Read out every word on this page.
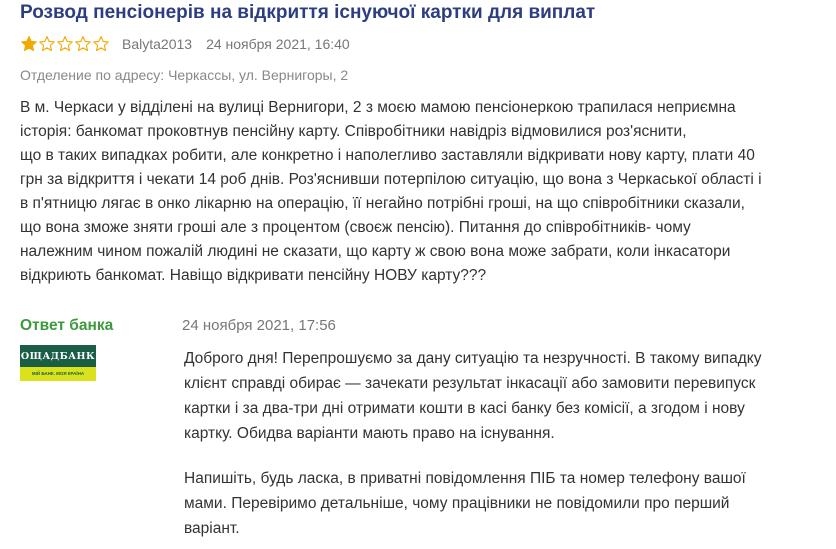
Розвод пенсіонерів на відкриття існуючої картки для виплат
Balyta2013 24 ноября 2021, 16:40
Отделение по адресу: Черкассы, ул. Вернигоры, 2
В м. Черкаси у відділені на вулиці Вернигори, 2 з моєю мамою пенсіонеркою трапилася неприємна
історія: банкомат проковтнув пенсійну карту. Співробітники навідріз відмовилися роз'яснити,
що в таких випадках робити, але конкретно і наполегливо заставляли відкривати нову карту, плати 40
грн за відкриття і чекати 14 роб днів. Роз'яснивши потерпілою ситуацію, що вона з Черкаської області і
в п'ятницю лягає в онко лікарню на операцію, її негайно потрібні гроші, на що співробітники сказали,
що вона зможе зняти гроші але з процентом (своєж пенсію). Питання до співробітників- чому
належним чином пожалій людині не сказати, що карту ж свою вона може забрати, коли інкасатори
відкриють банкомат. Навіщо відкривати пенсійну НОВУ карту???
Ответ банка
ОЩАДБАНК
МІЙ БАНК. МОЯ КРАЇНА
24 ноября 2021, 17:56
Доброго дня! Перепрошуємо за дану ситуацію та незручності. В такому випадку
клієнт справді обирає — зачекати результат інкасації або замовити перевипуск
картки і за два-три дні отримати кошти в касі банку без комісії, а згодом і нову
картку. Обидва варіанти мають право на існування.
Напишіть, будь ласка, в приватні повідомлення ПІБ та номер телефону вашої
мами. Перевіримо детальніше, чому працівники не повідомили про перший
варіант.
